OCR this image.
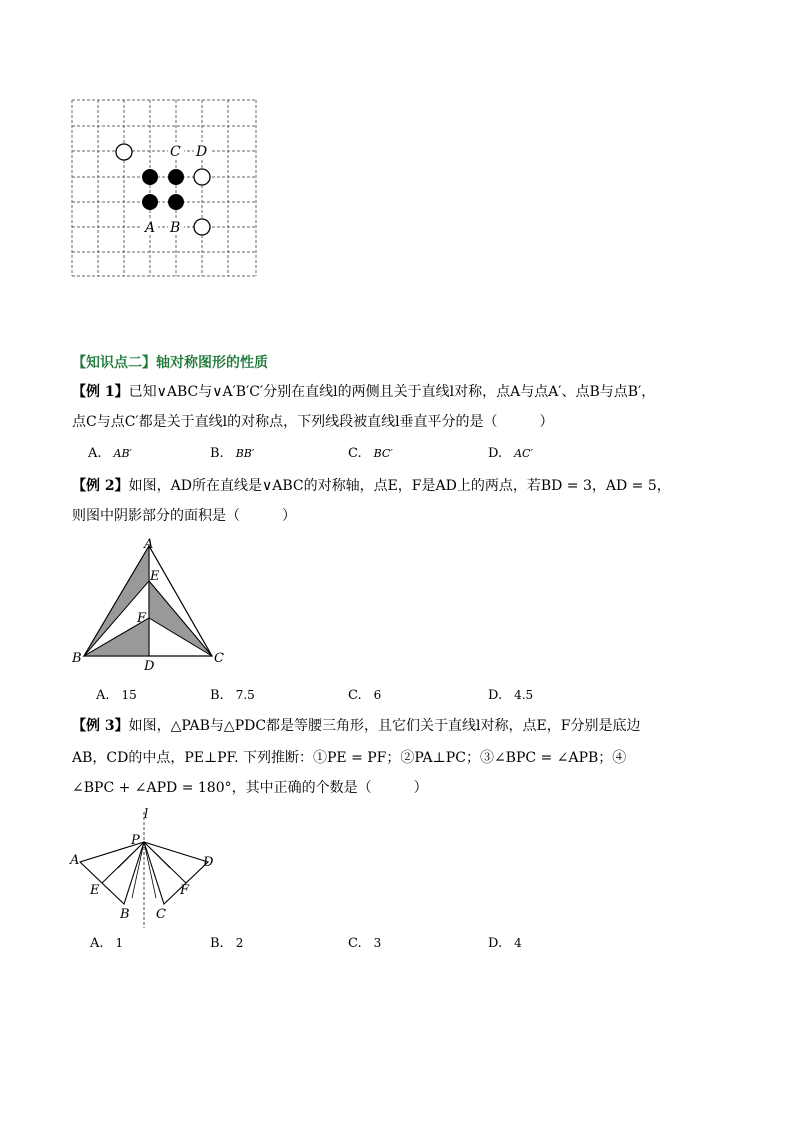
C D
A B
【知识点二】轴对称图形的性质
【例 1】已知∨ABC与∨A′B′C′分别在直线l的两侧且关于直线l对称，点A与点A′、点B与点B′，
点C与点C′都是关于直线l的对称点，下列线段被直线l垂直平分的是（　　　）
A. AB′	B. BB′	C. BC′	D. AC′
【例 2】如图，AD所在直线是∨ABC的对称轴，点E，F是AD上的两点，若BD = 3，AD = 5，
则图中阴影部分的面积是（　　　）
A
E
F
B
D
C
A. 15	B. 7.5	C. 6	D. 4.5
【例 3】如图，△PAB与△PDC都是等腰三角形，且它们关于直线l对称，点E，F分别是底边
AB，CD的中点，PE⊥PF. 下列推断：①PE = PF；②PA⊥PC；③∠BPC = ∠APB；④
∠BPC + ∠APD = 180°，其中正确的个数是（　　　）
l
P
A	D
E	F
B C
A. 1	B. 2	C. 3	D. 4
